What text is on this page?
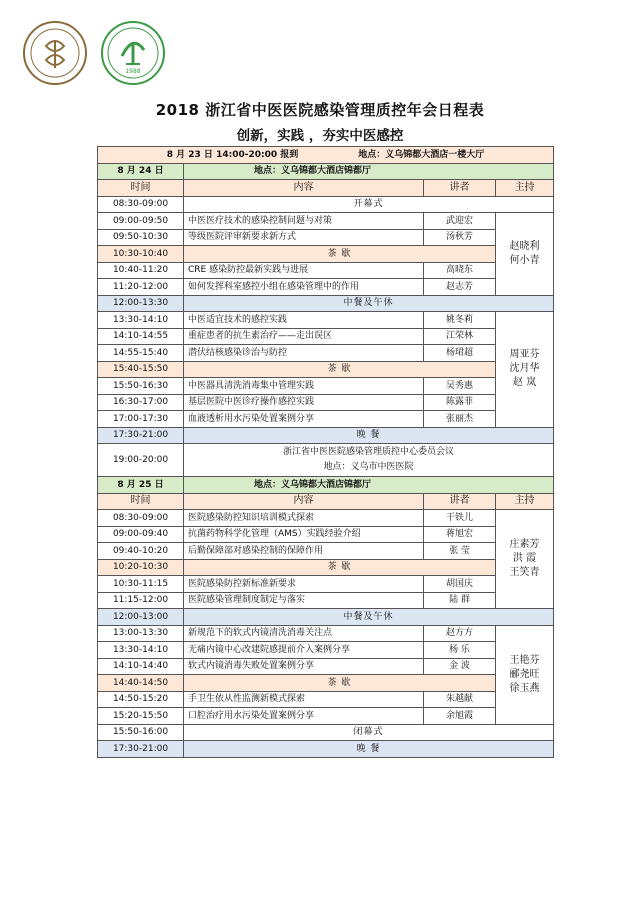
1988
2018 浙江省中医医院感染管理质控年会日程表
创新，实践 ，夯实中医感控
8 月 23 日 14:00-20:00 报到 地点：义乌锦都大酒店一楼大厅			
8 月 24 日	地点：义乌锦都大酒店锦都厅		
时间	内容	讲者	主持
08:30-09:00	开幕式		
09:00-09:50	中医医疗技术的感染控制问题与对策	武迎宏	赵晓利
何小青

09:50-10:30	等级医院评审新要求新方式	汤秋芳	
10:30-10:40	茶 歇		
10:40-11:20	CRE 感染防控最新实践与进展	高晓东	
11:20-12:00	如何发挥科室感控小组在感染管理中的作用	赵志芳	
12:00-13:30	中餐及午休		
13:30-14:10	中医适宜技术的感控实践	姚冬莉	周亚芬
沈月华
赵 岚

14:10-14:55	重症患者的抗生素治疗——走出误区	江荣林	
14:55-15:40	潜伏结核感染诊治与防控	杨珺超	
15:40-15:50	茶 歇		
15:50-16:30	中医器具清洗消毒集中管理实践	吴秀惠	
16:30-17:00	基层医院中医诊疗操作感控实践	陈露菲	
17:00-17:30	血液透析用水污染处置案例分享	张丽杰	
17:30-21:00	晚 餐		
19:00-20:00	浙江省中医医院感染管理质控中心委员会议
地点：义乌市中医医院		

8 月 25 日	地点：义乌锦都大酒店锦都厅		
时间	内容	讲者	主持
08:30-09:00	医院感染防控知识培训模式探索	干铁儿	庄素芳
洪 霞
王笑青

09:00-09:40	抗菌药物科学化管理（AMS）实践经验介绍	蒋旭宏	
09:40-10:20	后勤保障部对感染控制的保障作用	张 莹	
10:20-10:30	茶 歇		
10:30-11:15	医院感染防控新标准新要求	胡国庆	
11:15-12:00	医院感染管理制度制定与落实	陆 群	
12:00-13:00	中餐及午休		
13:00-13:30	新规范下的软式内镜清洗消毒关注点	赵方方	王艳芬
郦尧旺
徐玉燕

13:30-14:10	无痛内镜中心改建院感提前介入案例分享	杨 乐	
14:10-14:40	软式内镜消毒失败处置案例分享	金 波	
14:40-14:50	茶 歇		
14:50-15:20	手卫生依从性监测新模式探索	朱越献	
15:20-15:50	口腔治疗用水污染处置案例分享	余旭霞	
15:50-16:00	闭幕式		
17:30-21:00	晚 餐		
